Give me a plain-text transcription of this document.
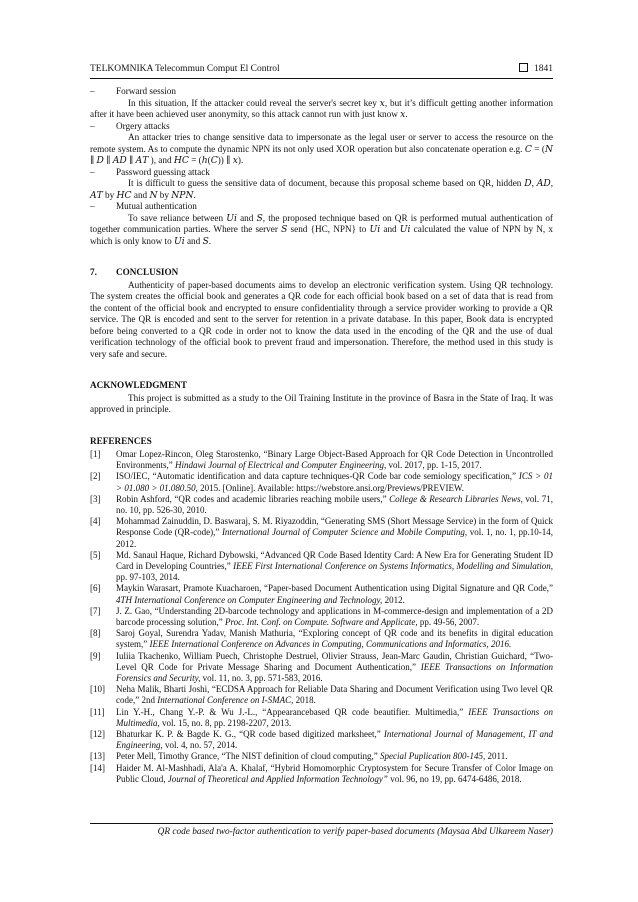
TELKOMNIKA Telecommun Comput El Control	1841

– Forward session

In this situation, If the attacker could reveal the server's secret key 𝑥, but it’s difficult getting another information after it have been achieved user anonymity, so this attack cannot run with just know 𝑥.

– Orgery attacks

An attacker tries to change sensitive data to impersonate as the legal user or server to access the resource on the remote system. As to compute the dynamic NPN its not only used XOR operation but also concatenate operation e.g. 𝐶 = (𝑁 ∥ 𝐷 ∥ 𝐴𝐷 ∥ 𝐴𝑇 ), and 𝐻𝐶 = (ℎ(𝐶)) ∥ 𝑥).

– Password guessing attack

It is difficult to guess the sensitive data of document, because this proposal scheme based on QR, hidden 𝐷, 𝐴𝐷, 𝐴𝑇 by 𝐻𝐶 and 𝑁 by 𝑁𝑃𝑁.

– Mutual authentication

To save reliance between 𝑈𝑖 and 𝑆, the proposed technique based on QR is performed mutual authentication of together communication parties. Where the server 𝑆 send {HC, NPN} to 𝑈𝑖 and 𝑈𝑖 calculated the value of NPN by N, x which is only know to 𝑈𝑖 and 𝑆.

7. CONCLUSION

Authenticity of paper-based documents aims to develop an electronic verification system. Using QR technology. The system creates the official book and generates a QR code for each official book based on a set of data that is read from the content of the official book and encrypted to ensure confidentiality through a service provider working to provide a QR service. The QR is encoded and sent to the server for retention in a private database. In this paper, Book data is encrypted before being converted to a QR code in order not to know the data used in the encoding of the QR and the use of dual verification technology of the official book to prevent fraud and impersonation. Therefore, the method used in this study is very safe and secure.

ACKNOWLEDGMENT

This project is submitted as a study to the Oil Training Institute in the province of Basra in the State of Iraq. It was approved in principle.

REFERENCES

[1] Omar Lopez-Rincon, Oleg Starostenko, “Binary Large Object-Based Approach for QR Code Detection in Uncontrolled Environments,” Hindawi Journal of Electrical and Computer Engineering, vol. 2017, pp. 1-15, 2017.

[2] ISO/IEC, “Automatic identification and data capture techniques-QR Code bar code semiology specification,” ICS > 01 > 01.080 > 01.080.50, 2015. [Online]. Available: https://webstore.ansi.org/Previews/PREVIEW.

[3] Robin Ashford, “QR codes and academic libraries reaching mobile users,” College & Research Libraries News, vol. 71, no. 10, pp. 526-30, 2010.

[4] Mohammad Zainuddin, D. Baswaraj, S. M. Riyazoddin, “Generating SMS (Short Message Service) in the form of Quick Response Code (QR-code),” International Journal of Computer Science and Mobile Computing, vol. 1, no. 1, pp.10-14, 2012.

[5] Md. Sanaul Haque, Richard Dybowski, “Advanced QR Code Based Identity Card: A New Era for Generating Student ID Card in Developing Countries,” IEEE First International Conference on Systems Informatics, Modelling and Simulation, pp. 97-103, 2014.

[6] Maykin Warasart, Pramote Kuacharoen, “Paper-based Document Authentication using Digital Signature and QR Code,” 4TH International Conference on Computer Engineering and Technology, 2012.

[7] J. Z. Gao, “Understanding 2D-barcode technology and applications in M-commerce-design and implementation of a 2D barcode processing solution,” Proc. Int. Conf. on Compute. Software and Applicate, pp. 49-56, 2007.

[8] Saroj Goyal, Surendra Yadav, Manish Mathuria, “Exploring concept of QR code and its benefits in digital education system,” IEEE International Conference on Advances in Computing, Communications and Informatics, 2016.

[9] Iuliia Tkachenko, William Puech, Christophe Destruel, Olivier Strauss, Jean-Marc Gaudin, Christian Guichard, “Two-Level QR Code for Private Message Sharing and Document Authentication,” IEEE Transactions on Information Forensics and Security, vol. 11, no. 3, pp. 571-583, 2016.

[10] Neha Malik, Bharti Joshi, “ECDSA Approach for Reliable Data Sharing and Document Verification using Two level QR code,” 2nd International Conference on I-SMAC, 2018.

[11] Lin Y.-H., Chang Y.-P. & Wu J.-L., “Appearancebased QR code beautifier. Multimedia,” IEEE Transactions on Multimedia, vol. 15, no. 8, pp. 2198-2207, 2013.

[12] Bhaturkar K. P. & Bagde K. G., “QR code based digitized marksheet,” International Journal of Management, IT and Engineering, vol. 4, no. 57, 2014.

[13] Peter Mell, Timothy Grance, “The NIST definition of cloud computing,” Special Puplication 800-145, 2011.

[14] Haider M. Al-Mashhadi, Ala'a A. Khalaf, “Hybrid Homomorphic Cryptosystem for Secure Transfer of Color Image on Public Cloud, Journal of Theoretical and Applied Information Technology” vol. 96, no 19, pp. 6474-6486, 2018.

QR code based two-factor authentication to verify paper-based documents (Maysaa Abd Ulkareem Naser)
